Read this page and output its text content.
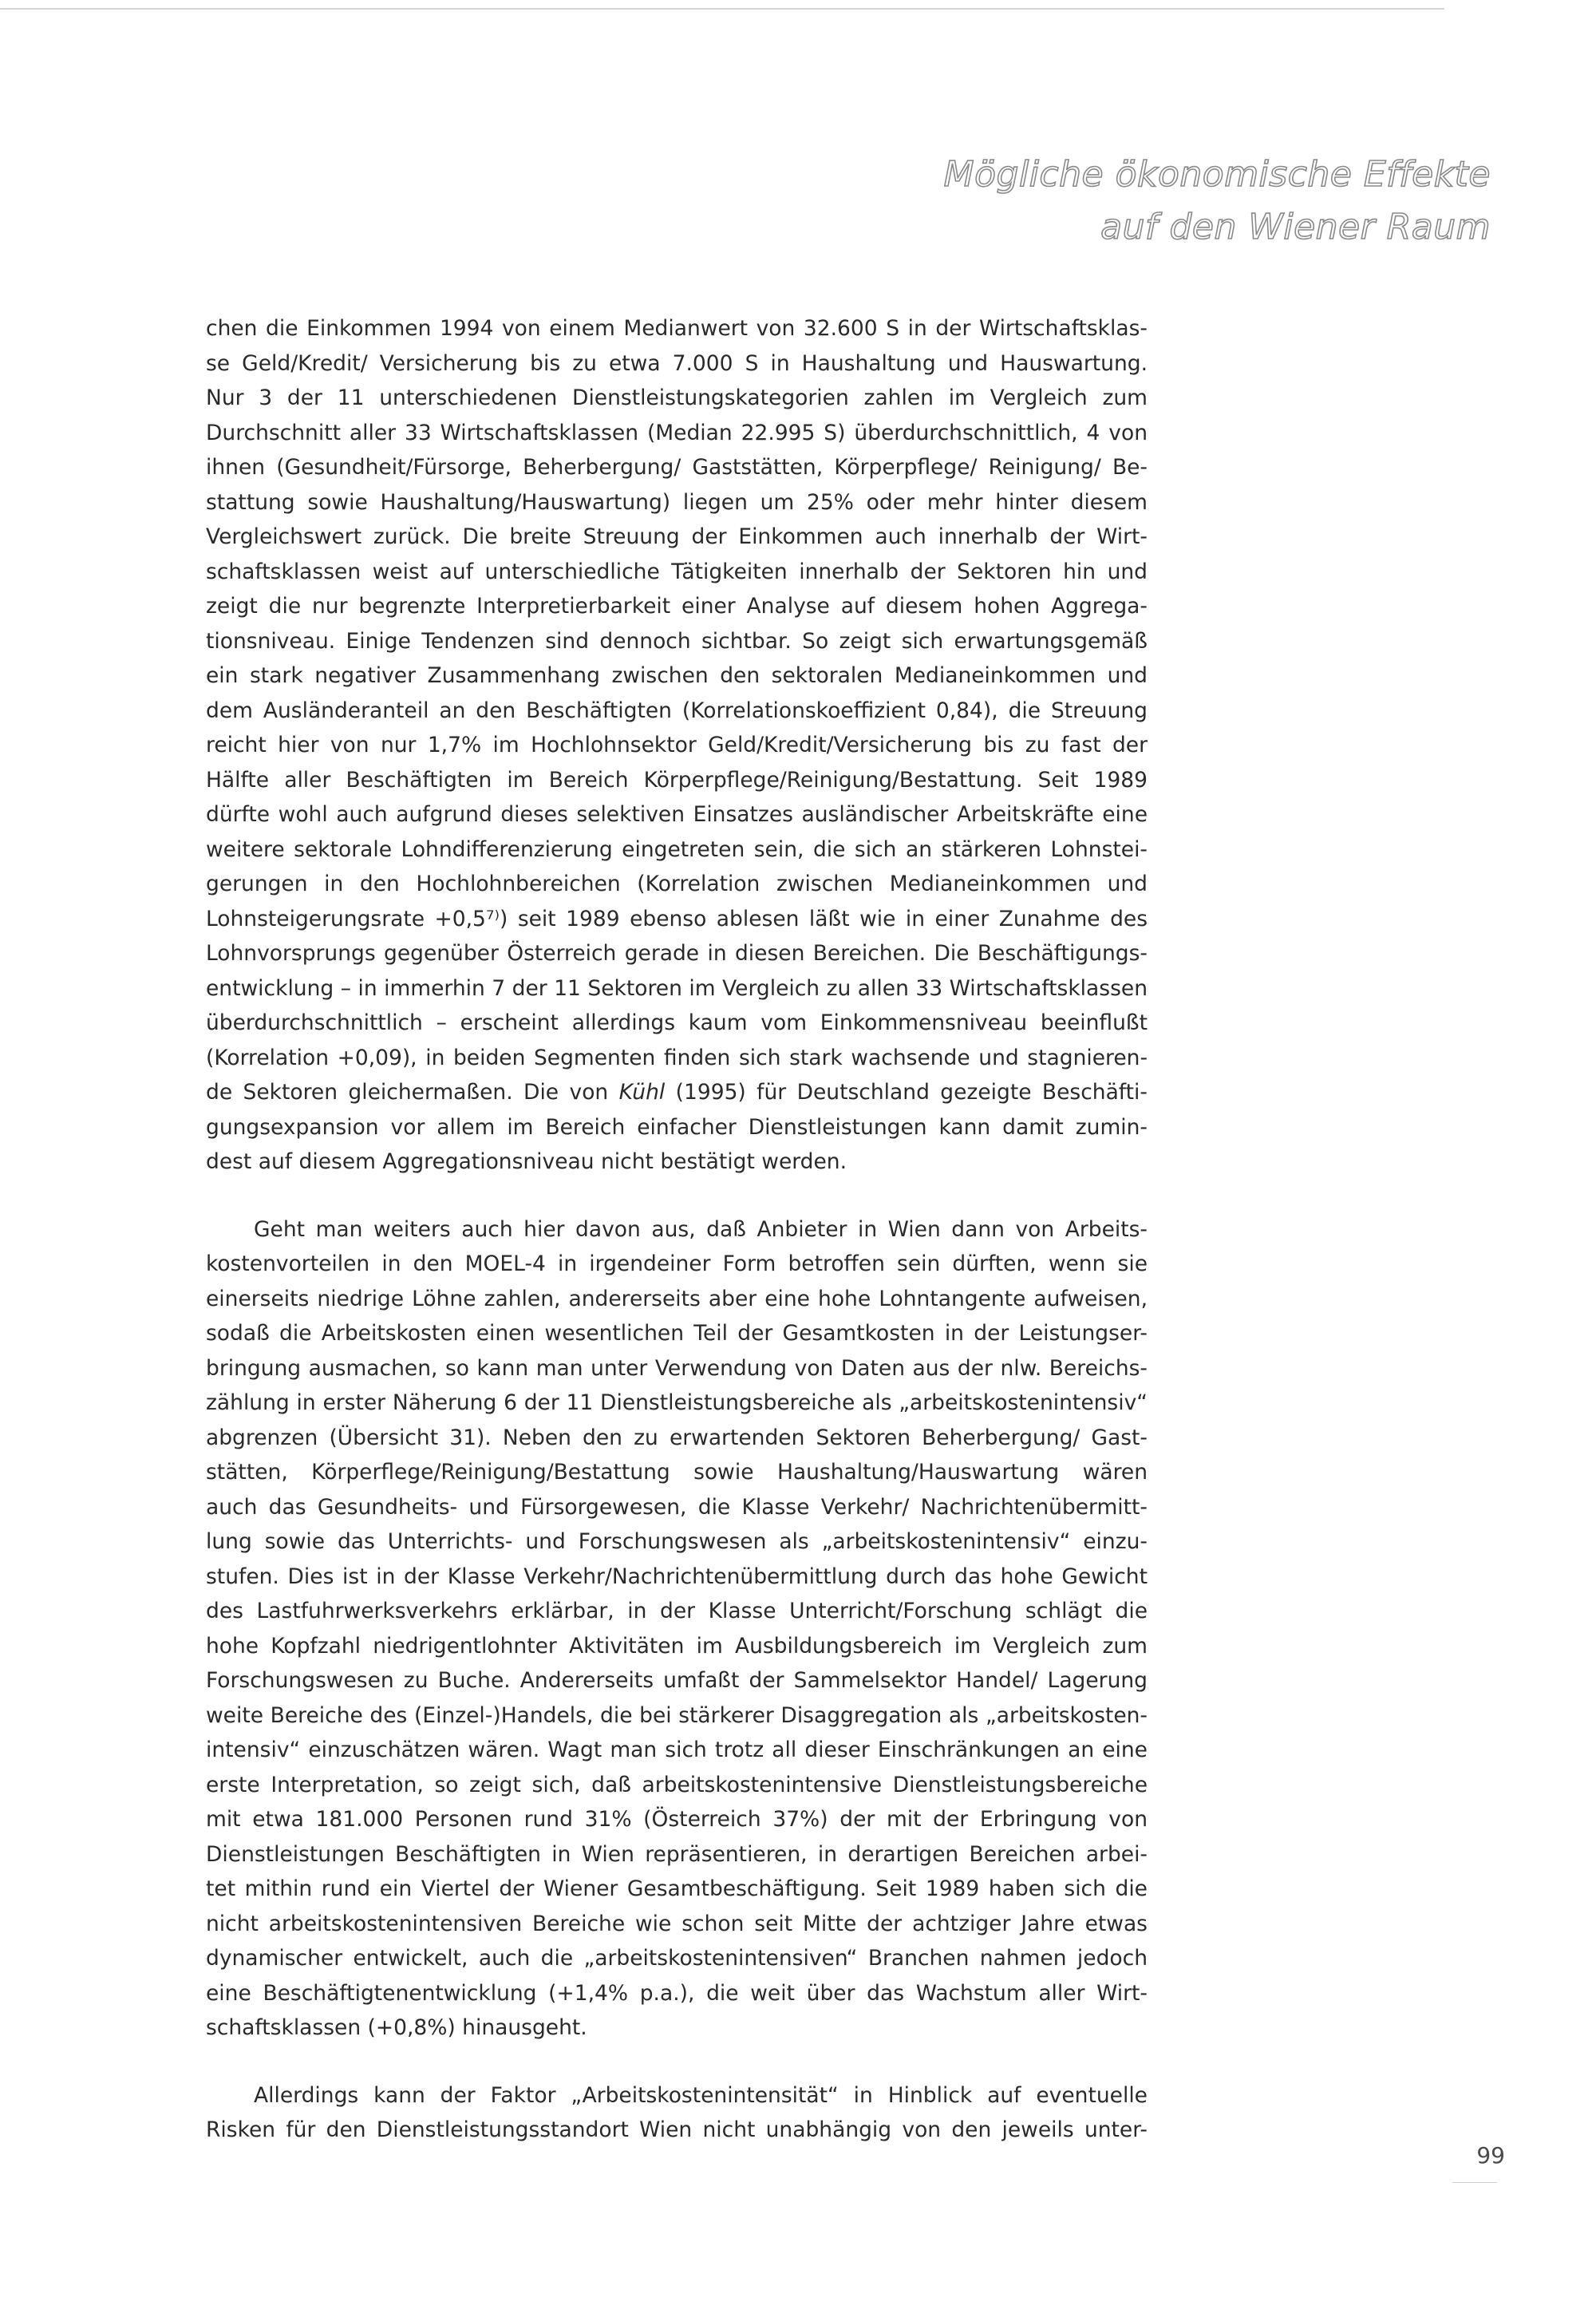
Mögliche ökonomische Effekte
auf den Wiener Raum
chen die Einkommen 1994 von einem Medianwert von 32.600 S in der Wirtschaftsklas-
se Geld/Kredit/ Versicherung bis zu etwa 7.000 S in Haushaltung und Hauswartung.
Nur 3 der 11 unterschiedenen Dienstleistungskategorien zahlen im Vergleich zum
Durchschnitt aller 33 Wirtschaftsklassen (Median 22.995 S) überdurchschnittlich, 4 von
ihnen (Gesundheit/Fürsorge, Beherbergung/ Gaststätten, Körperpflege/ Reinigung/ Be-
stattung sowie Haushaltung/Hauswartung) liegen um 25% oder mehr hinter diesem
Vergleichswert zurück. Die breite Streuung der Einkommen auch innerhalb der Wirt-
schaftsklassen weist auf unterschiedliche Tätigkeiten innerhalb der Sektoren hin und
zeigt die nur begrenzte Interpretierbarkeit einer Analyse auf diesem hohen Aggrega-
tionsniveau. Einige Tendenzen sind dennoch sichtbar. So zeigt sich erwartungsgemäß
ein stark negativer Zusammenhang zwischen den sektoralen Medianeinkommen und
dem Ausländeranteil an den Beschäftigten (Korrelationskoeffizient 0,84), die Streuung
reicht hier von nur 1,7% im Hochlohnsektor Geld/Kredit/Versicherung bis zu fast der
Hälfte aller Beschäftigten im Bereich Körperpflege/Reinigung/Bestattung. Seit 1989
dürfte wohl auch aufgrund dieses selektiven Einsatzes ausländischer Arbeitskräfte eine
weitere sektorale Lohndifferenzierung eingetreten sein, die sich an stärkeren Lohnstei-
gerungen in den Hochlohnbereichen (Korrelation zwischen Medianeinkommen und
Lohnsteigerungsrate +0,5⁷⁾) seit 1989 ebenso ablesen läßt wie in einer Zunahme des
Lohnvorsprungs gegenüber Österreich gerade in diesen Bereichen. Die Beschäftigungs-
entwicklung – in immerhin 7 der 11 Sektoren im Vergleich zu allen 33 Wirtschaftsklassen
überdurchschnittlich – erscheint allerdings kaum vom Einkommensniveau beeinflußt
(Korrelation +0,09), in beiden Segmenten finden sich stark wachsende und stagnieren-
de Sektoren gleichermaßen. Die von Kühl (1995) für Deutschland gezeigte Beschäfti-
gungsexpansion vor allem im Bereich einfacher Dienstleistungen kann damit zumin-
dest auf diesem Aggregationsniveau nicht bestätigt werden.
Geht man weiters auch hier davon aus, daß Anbieter in Wien dann von Arbeits-
kostenvorteilen in den MOEL-4 in irgendeiner Form betroffen sein dürften, wenn sie
einerseits niedrige Löhne zahlen, andererseits aber eine hohe Lohntangente aufweisen,
sodaß die Arbeitskosten einen wesentlichen Teil der Gesamtkosten in der Leistungser-
bringung ausmachen, so kann man unter Verwendung von Daten aus der nlw. Bereichs-
zählung in erster Näherung 6 der 11 Dienstleistungsbereiche als „arbeitskostenintensiv“
abgrenzen (Übersicht 31). Neben den zu erwartenden Sektoren Beherbergung/ Gast-
stätten, Körperflege/Reinigung/Bestattung sowie Haushaltung/Hauswartung wären
auch das Gesundheits- und Fürsorgewesen, die Klasse Verkehr/ Nachrichtenübermitt-
lung sowie das Unterrichts- und Forschungswesen als „arbeitskostenintensiv“ einzu-
stufen. Dies ist in der Klasse Verkehr/Nachrichtenübermittlung durch das hohe Gewicht
des Lastfuhrwerksverkehrs erklärbar, in der Klasse Unterricht/Forschung schlägt die
hohe Kopfzahl niedrigentlohnter Aktivitäten im Ausbildungsbereich im Vergleich zum
Forschungswesen zu Buche. Andererseits umfaßt der Sammelsektor Handel/ Lagerung
weite Bereiche des (Einzel-)Handels, die bei stärkerer Disaggregation als „arbeitskosten-
intensiv“ einzuschätzen wären. Wagt man sich trotz all dieser Einschränkungen an eine
erste Interpretation, so zeigt sich, daß arbeitskostenintensive Dienstleistungsbereiche
mit etwa 181.000 Personen rund 31% (Österreich 37%) der mit der Erbringung von
Dienstleistungen Beschäftigten in Wien repräsentieren, in derartigen Bereichen arbei-
tet mithin rund ein Viertel der Wiener Gesamtbeschäftigung. Seit 1989 haben sich die
nicht arbeitskostenintensiven Bereiche wie schon seit Mitte der achtziger Jahre etwas
dynamischer entwickelt, auch die „arbeitskostenintensiven“ Branchen nahmen jedoch
eine Beschäftigtenentwicklung (+1,4% p.a.), die weit über das Wachstum aller Wirt-
schaftsklassen (+0,8%) hinausgeht.
Allerdings kann der Faktor „Arbeitskostenintensität“ in Hinblick auf eventuelle
Risken für den Dienstleistungsstandort Wien nicht unabhängig von den jeweils unter-
99
